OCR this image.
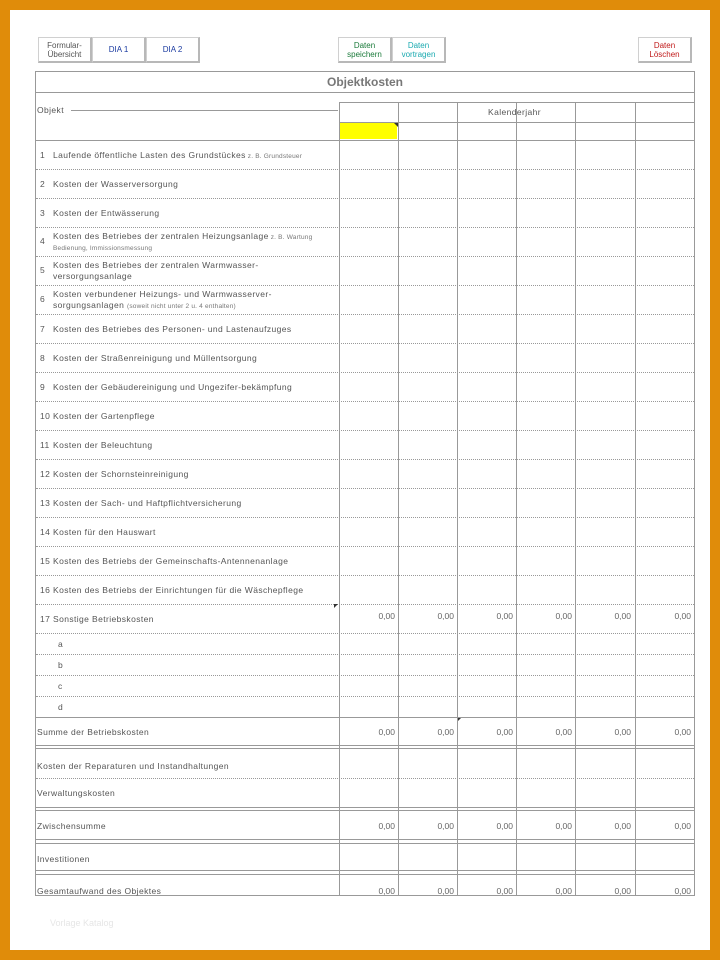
Formular-
Übersicht	DIA 1	DIA 2	Daten
speichern
Daten
vortragen
Daten
Löschen
Objektkosten
Objekt	Kalenderjahr
1 Laufende öffentliche Lasten des Grundstückes z. B. Grundsteuer
2 Kosten der Wasserversorgung
3 Kosten der Entwässerung
4 Kosten des Betriebes der zentralen Heizungsanlage z. B. Wartung
Bedienung, Immissionsmessung
5 Kosten des Betriebes der zentralen Warmwasser-
versorgungsanlage
6 Kosten verbundener Heizungs- und Warmwasserver-
sorgungsanlagen (soweit nicht unter 2 u. 4 enthalten)
7 Kosten des Betriebes des Personen- und Lastenaufzuges
8 Kosten der Straßenreinigung und Müllentsorgung
9 Kosten der Gebäudereinigung und Ungezifer-bekämpfung
10 Kosten der Gartenpflege
11 Kosten der Beleuchtung
12 Kosten der Schornsteinreinigung
13 Kosten der Sach- und Haftpflichtversicherung
14 Kosten für den Hauswart
15 Kosten des Betriebs der Gemeinschafts-Antennenanlage
16 Kosten des Betriebs der Einrichtungen für die Wäschepflege
17 Sonstige Betriebskosten	0,00	0,00	0,00	0,00	0,00	0,00
a
b
c
d
Summe der Betriebskosten	0,00	0,00	0,00	0,00	0,00	0,00
Kosten der Reparaturen und Instandhaltungen
Verwaltungskosten
Zwischensumme	0,00	0,00	0,00	0,00	0,00	0,00
Investitionen
Gesamtaufwand des Objektes	0,00	0,00	0,00	0,00	0,00	0,00
Vorlage Katalog
